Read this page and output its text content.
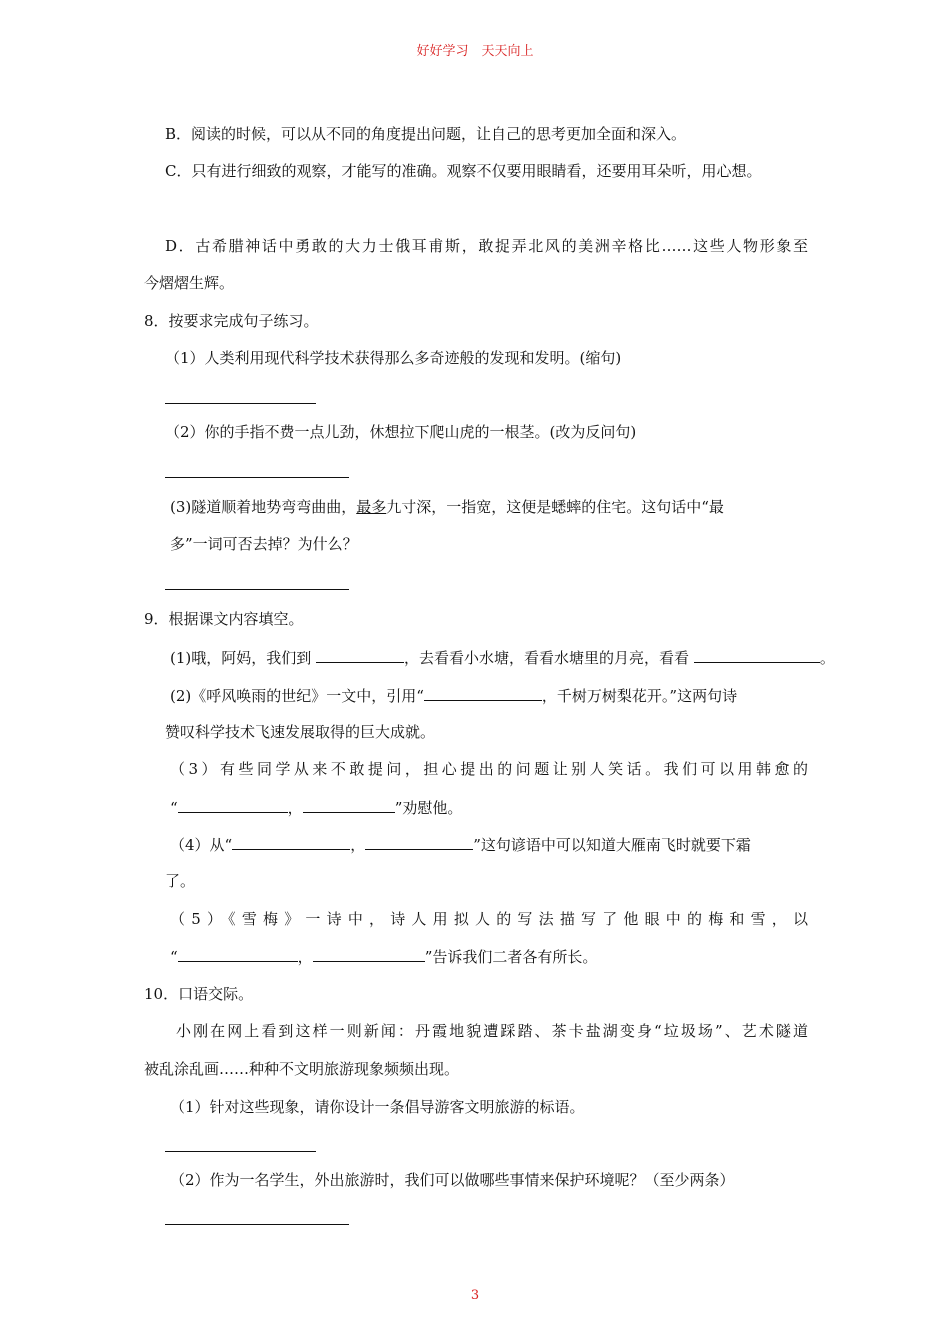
好好学习　天天向上
B．阅读的时候，可以从不同的角度提出问题，让自己的思考更加全面和深入。
C．只有进行细致的观察，才能写的准确。观察不仅要用眼睛看，还要用耳朵听，用心想。
D．古希腊神话中勇敢的大力士俄耳甫斯，敢捉弄北风的美洲辛格比……这些人物形象至
今熠熠生辉。
8．按要求完成句子练习。
（1）人类利用现代科学技术获得那么多奇迹般的发现和发明。(缩句)
（2）你的手指不费一点儿劲，休想拉下爬山虎的一根茎。(改为反问句)
(3)隧道顺着地势弯弯曲曲，最多九寸深，一指宽，这便是蟋蟀的住宅。这句话中“最
多”一词可否去掉？为什么？
9．根据课文内容填空。
(1)哦，阿妈，我们到	，去看看小水塘，看看水塘里的月亮，看看	。
(2)《呼风唤雨的世纪》一文中，引用“	，千树万树梨花开。”这两句诗
赞叹科学技术飞速发展取得的巨大成就。
（3）有些同学从来不敢提问，担心提出的问题让别人笑话。我们可以用韩愈的
“	，	”劝慰他。
（4）从“	，	”这句谚语中可以知道大雁南飞时就要下霜
了。
（5）《雪梅》一诗中，诗人用拟人的写法描写了他眼中的梅和雪，以
“	，	”告诉我们二者各有所长。
10．口语交际。
小刚在网上看到这样一则新闻：丹霞地貌遭踩踏、茶卡盐湖变身“垃圾场”、艺术隧道
被乱涂乱画……种种不文明旅游现象频频出现。
（1）针对这些现象，请你设计一条倡导游客文明旅游的标语。
（2）作为一名学生，外出旅游时，我们可以做哪些事情来保护环境呢？（至少两条）
3
